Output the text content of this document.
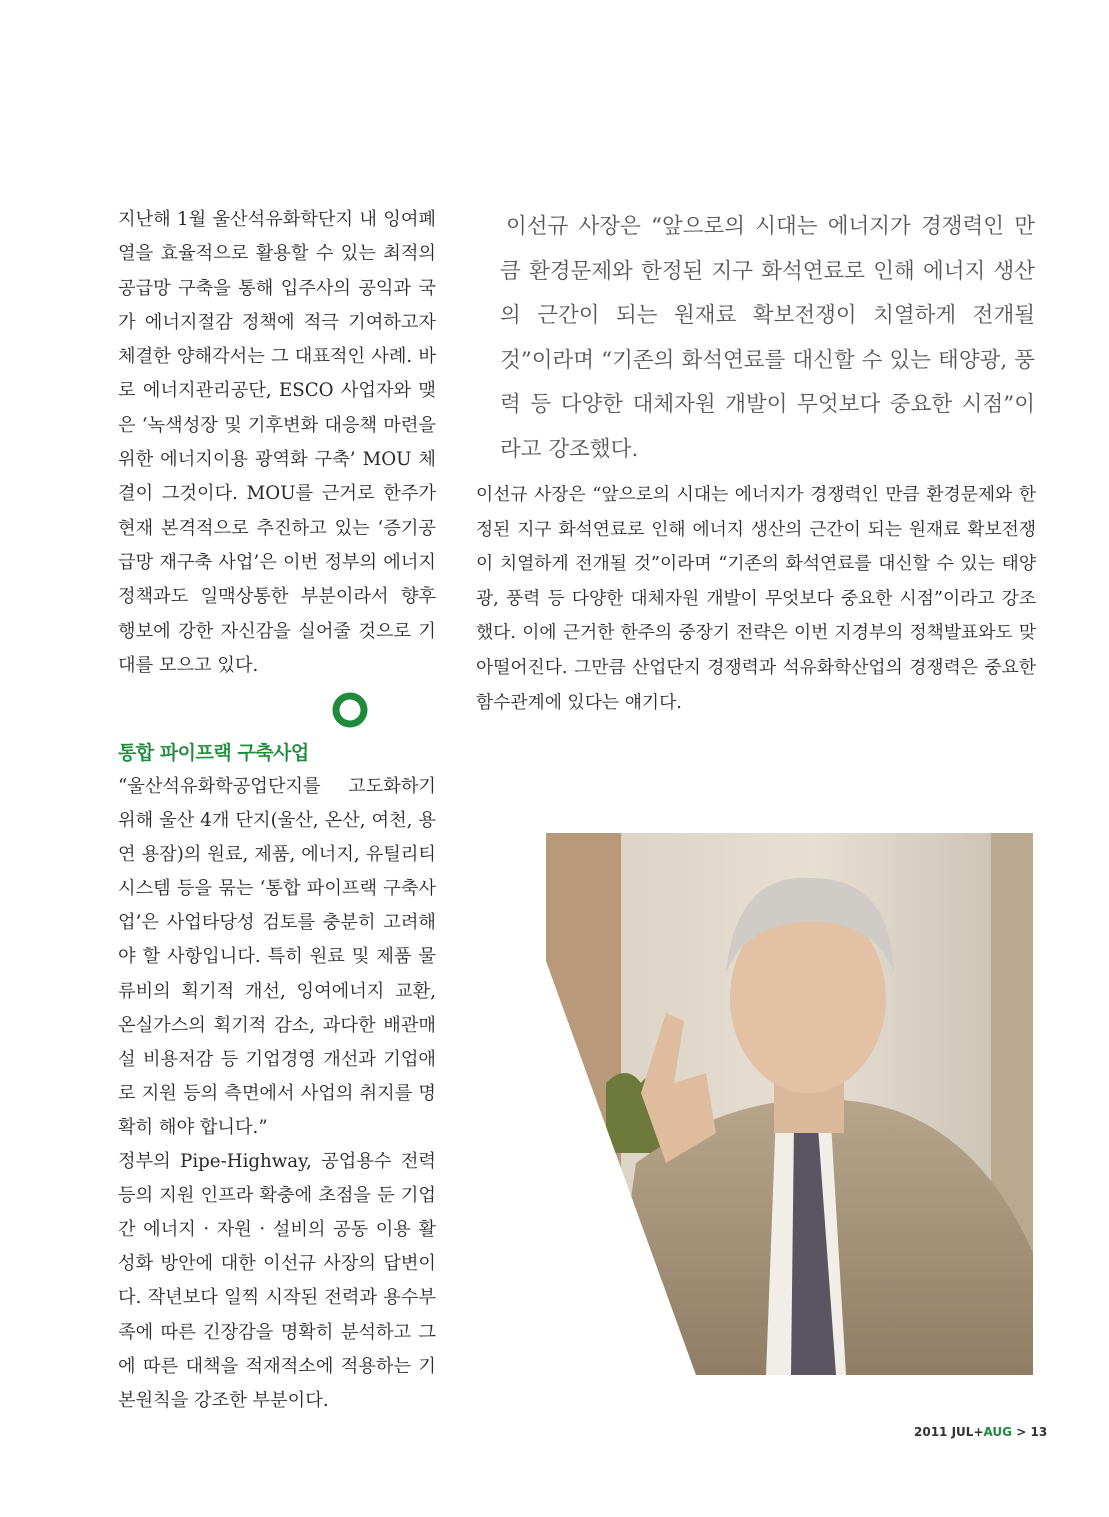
지난해 1월 울산석유화학단지 내 잉여폐열을 효율적으로 활용할 수 있는 최적의 공급망 구축을 통해 입주사의 공익과 국가 에너지절감 정책에 적극 기여하고자 체결한 양해각서는 그 대표적인 사례. 바로 에너지관리공단, ESCO 사업자와 맺은 ‘녹색성장 및 기후변화 대응책 마련을 위한 에너지이용 광역화 구축’ MOU 체결이 그것이다. MOU를 근거로 한주가 현재 본격적으로 추진하고 있는 ‘증기공급망 재구축 사업’은 이번 정부의 에너지 정책과도 일맥상통한 부분이라서 향후 행보에 강한 자신감을 실어줄 것으로 기대를 모으고 있다.

통합 파이프랙 구축사업

“울산석유화학공업단지를 고도화하기 위해 울산 4개 단지(울산, 온산, 여천, 용연 용잠)의 원료, 제품, 에너지, 유틸리티 시스템 등을 묶는 ‘통합 파이프랙 구축사업’은 사업타당성 검토를 충분히 고려해야 할 사항입니다. 특히 원료 및 제품 물류비의 획기적 개선, 잉여에너지 교환, 온실가스의 획기적 감소, 과다한 배관매설 비용저감 등 기업경영 개선과 기업애로 지원 등의 측면에서 사업의 취지를 명확히 해야 합니다.”

정부의 Pipe-Highway, 공업용수 전력 등의 지원 인프라 확충에 초점을 둔 기업간 에너지 · 자원 · 설비의 공동 이용 활성화 방안에 대한 이선규 사장의 답변이다. 작년보다 일찍 시작된 전력과 용수부족에 따른 긴장감을 명확히 분석하고 그에 따른 대책을 적재적소에 적용하는 기본원칙을 강조한 부분이다.

이선규 사장은 “앞으로의 시대는 에너지가 경쟁력인 만큼 환경문제와 한정된 지구 화석연료로 인해 에너지 생산의 근간이 되는 원재료 확보전쟁이 치열하게 전개될 것”이라며 “기존의 화석연료를 대신할 수 있는 태양광, 풍력 등 다양한 대체자원 개발이 무엇보다 중요한 시점”이라고 강조했다.
이선규 사장은 “앞으로의 시대는 에너지가 경쟁력인 만큼 환경문제와 한정된 지구 화석연료로 인해 에너지 생산의 근간이 되는 원재료 확보전쟁이 치열하게 전개될 것”이라며 “기존의 화석연료를 대신할 수 있는 태양광, 풍력 등 다양한 대체자원 개발이 무엇보다 중요한 시점”이라고 강조했다. 이에 근거한 한주의 중장기 전략은 이번 지경부의 정책발표와도 맞아떨어진다. 그만큼 산업단지 경쟁력과 석유화학산업의 경쟁력은 중요한 함수관계에 있다는 얘기다.
2011 JUL+AUG > 13
